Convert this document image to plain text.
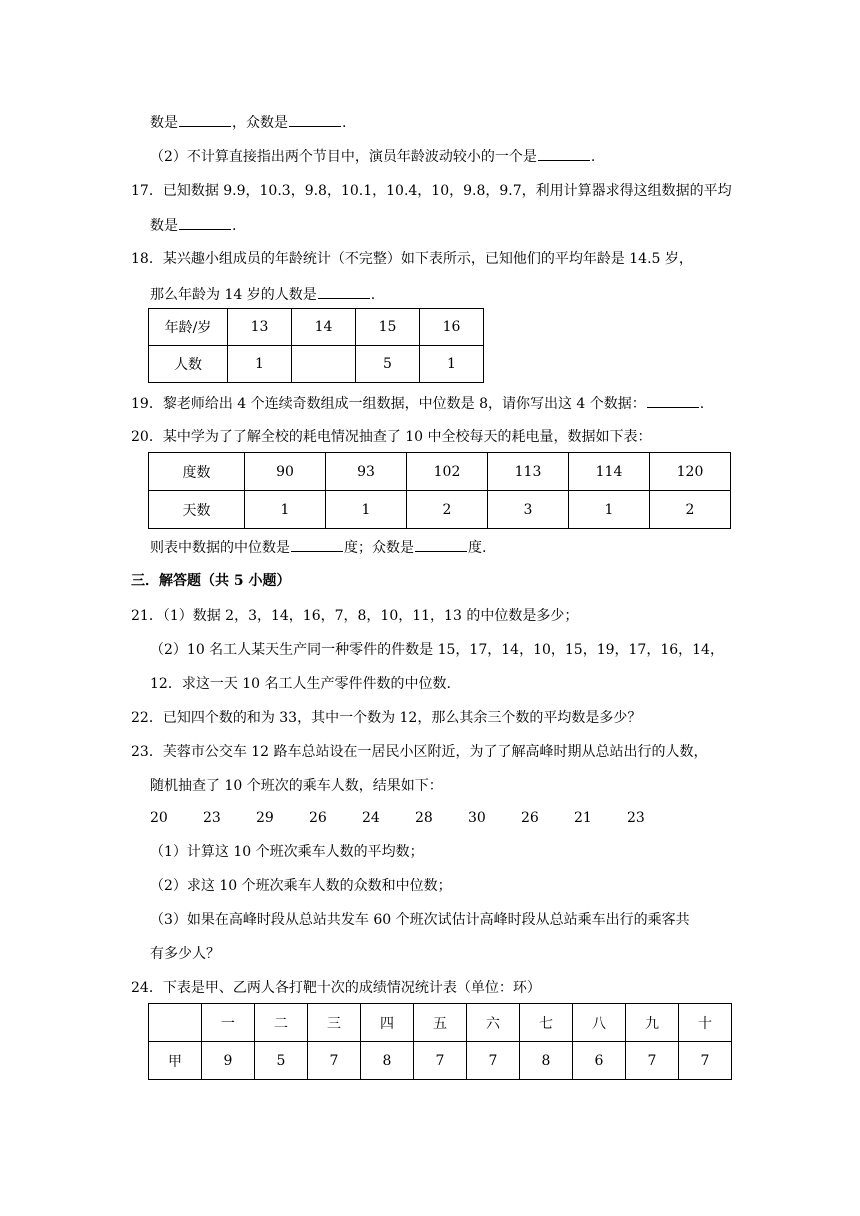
数是	，众数是	.
（2）不计算直接指出两个节目中，演员年龄波动较小的一个是	.
17．已知数据 9.9，10.3，9.8，10.1，10.4，10，9.8，9.7，利用计算器求得这组数据的平均
数是	.
18．某兴趣小组成员的年龄统计（不完整）如下表所示，已知他们的平均年龄是 14.5 岁，
那么年龄为 14 岁的人数是	.
年龄/岁	13	14	15	16
人数	1		5	1
19．黎老师给出 4 个连续奇数组成一组数据，中位数是 8，请你写出这 4 个数据：	.
20．某中学为了了解全校的耗电情况抽查了 10 中全校每天的耗电量，数据如下表：
度数	90	93	102	113	114	120
天数	1	1	2	3	1	2
则表中数据的中位数是	度；众数是	度.
三．解答题（共 5 小题）
21．（1）数据 2，3，14，16，7，8，10，11，13 的中位数是多少；
（2）10 名工人某天生产同一种零件的件数是 15，17，14，10，15，19，17，16，14，
12．求这一天 10 名工人生产零件件数的中位数.
22．已知四个数的和为 33，其中一个数为 12，那么其余三个数的平均数是多少？
23．芙蓉市公交车 12 路车总站设在一居民小区附近，为了了解高峰时期从总站出行的人数，
随机抽查了 10 个班次的乘车人数，结果如下：
20	23	29	26	24	28	30	26	21	23
（1）计算这 10 个班次乘车人数的平均数；
（2）求这 10 个班次乘车人数的众数和中位数；
（3）如果在高峰时段从总站共发车 60 个班次试估计高峰时段从总站乘车出行的乘客共
有多少人？
24．下表是甲、乙两人各打靶十次的成绩情况统计表（单位：环）
	一	二	三	四	五	六	七	八	九	十
甲	9	5	7	8	7	7	8	6	7	7
